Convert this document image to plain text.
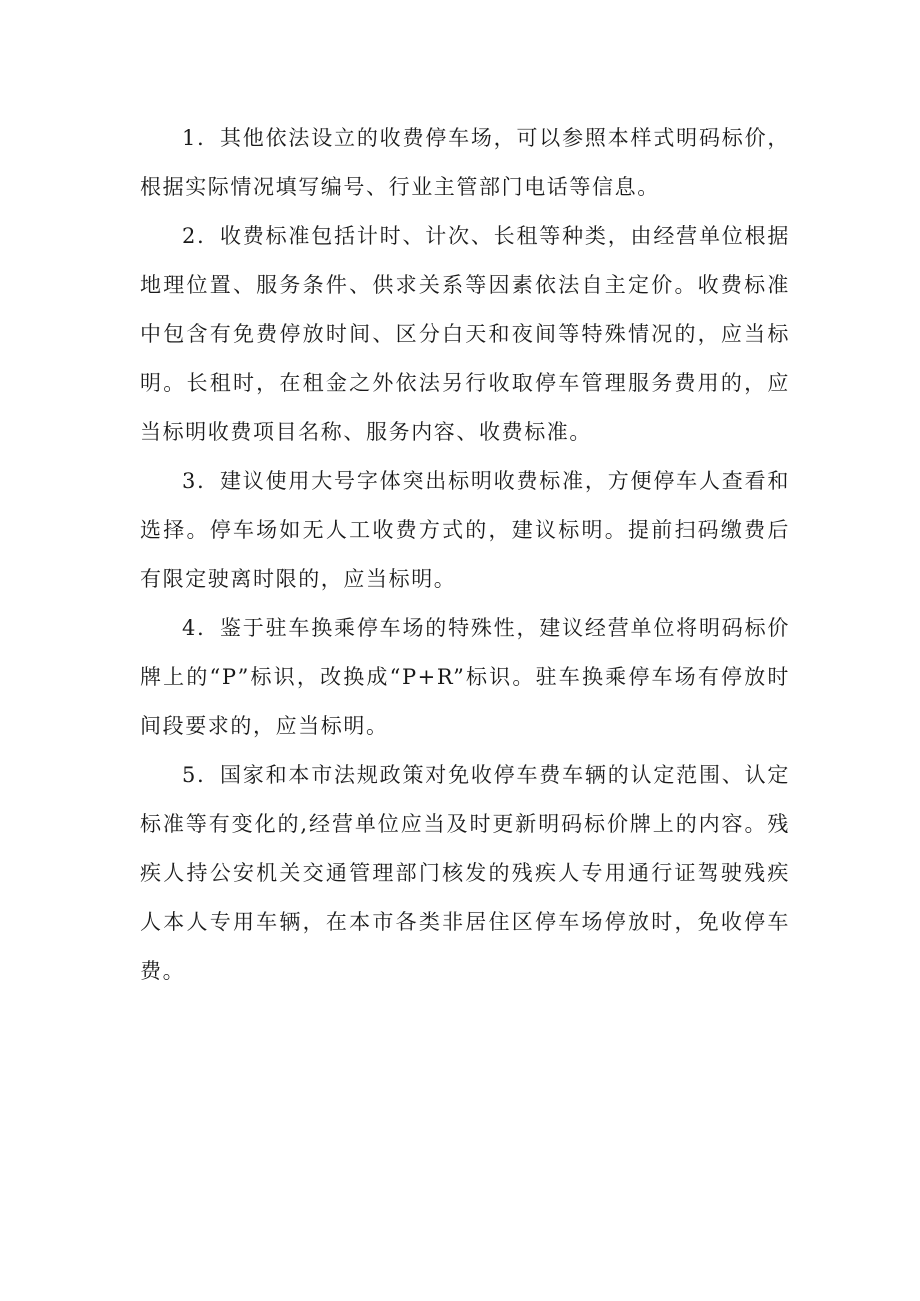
1．其他依法设立的收费停车场，可以参照本样式明码标价，根据实际情况填写编号、行业主管部门电话等信息。

2．收费标准包括计时、计次、长租等种类，由经营单位根据地理位置、服务条件、供求关系等因素依法自主定价。收费标准中包含有免费停放时间、区分白天和夜间等特殊情况的，应当标明。长租时，在租金之外依法另行收取停车管理服务费用的，应当标明收费项目名称、服务内容、收费标准。

3．建议使用大号字体突出标明收费标准，方便停车人查看和选择。停车场如无人工收费方式的，建议标明。提前扫码缴费后有限定驶离时限的，应当标明。

4．鉴于驻车换乘停车场的特殊性，建议经营单位将明码标价牌上的“P”标识，改换成“P+R”标识。驻车换乘停车场有停放时间段要求的，应当标明。

5．国家和本市法规政策对免收停车费车辆的认定范围、认定标准等有变化的,经营单位应当及时更新明码标价牌上的内容。残疾人持公安机关交通管理部门核发的残疾人专用通行证驾驶残疾人本人专用车辆，在本市各类非居住区停车场停放时，免收停车费。
